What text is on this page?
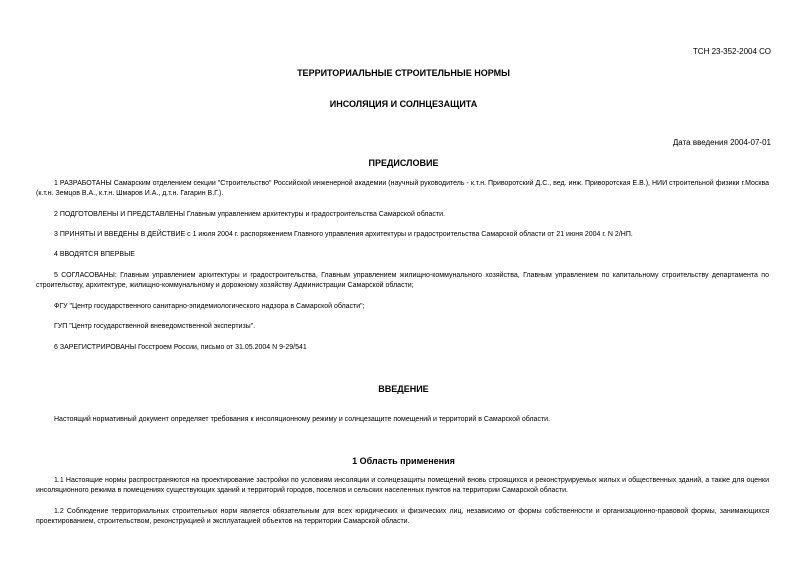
ТСН 23-352-2004 СО
ТЕРРИТОРИАЛЬНЫЕ СТРОИТЕЛЬНЫЕ НОРМЫ
ИНСОЛЯЦИЯ И СОЛНЦЕЗАЩИТА
Дата введения 2004-07-01
ПРЕДИСЛОВИЕ
1 РАЗРАБОТАНЫ Самарским отделением секции "Строительство" Российской инженерной академии (научный руководитель - к.т.н. Приворотский Д.С., вед. инж. Приворотская Е.В.), НИИ строительной физики г.Москва (к.т.н. Земцов В.А., к.т.н. Шмаров И.А., д.т.н. Гагарин В.Г.).
2 ПОДГОТОВЛЕНЫ И ПРЕДСТАВЛЕНЫ Главным управлением архитектуры и градостроительства Самарской области.
3 ПРИНЯТЫ И ВВЕДЕНЫ В ДЕЙСТВИЕ с 1 июля 2004 г. распоряжением Главного управления архитектуры и градостроительства Самарской области от 21 июня 2004 г. N 2/НП.
4 ВВОДЯТСЯ ВПЕРВЫЕ
5 СОГЛАСОВАНЫ: Главным управлением архитектуры и градостроительства, Главным управлением жилищно-коммунального хозяйства, Главным управлением по капитальному строительству департамента по строительству, архитектуре, жилищно-коммунальному и дорожному хозяйству Администрации Самарской области;
ФГУ "Центр государственного санитарно-эпидемиологического надзора в Самарской области";
ГУП "Центр государственной вневедомственной экспертизы".
6 ЗАРЕГИСТРИРОВАНЫ Госстроем России, письмо от 31.05.2004 N 9-29/541
ВВЕДЕНИЕ
Настоящий нормативный документ определяет требования к инсоляционному режиму и солнцезащите помещений и территорий в Самарской области.
1 Область применения
1.1 Настоящие нормы распространяются на проектирование застройки по условиям инсоляции и солнцезащиты помещений вновь строящихся и реконструируемых жилых и общественных зданий, а также для оценки инсоляционного режима в помещениях существующих зданий и территорий городов, поселков и сельских населенных пунктов на территории Самарской области.
1.2 Соблюдение территориальных строительных норм является обязательным для всех юридических и физических лиц, независимо от формы собственности и организационно-правовой формы, занимающихся проектированием, строительством, реконструкцией и эксплуатацией объектов на территории Самарской области.
